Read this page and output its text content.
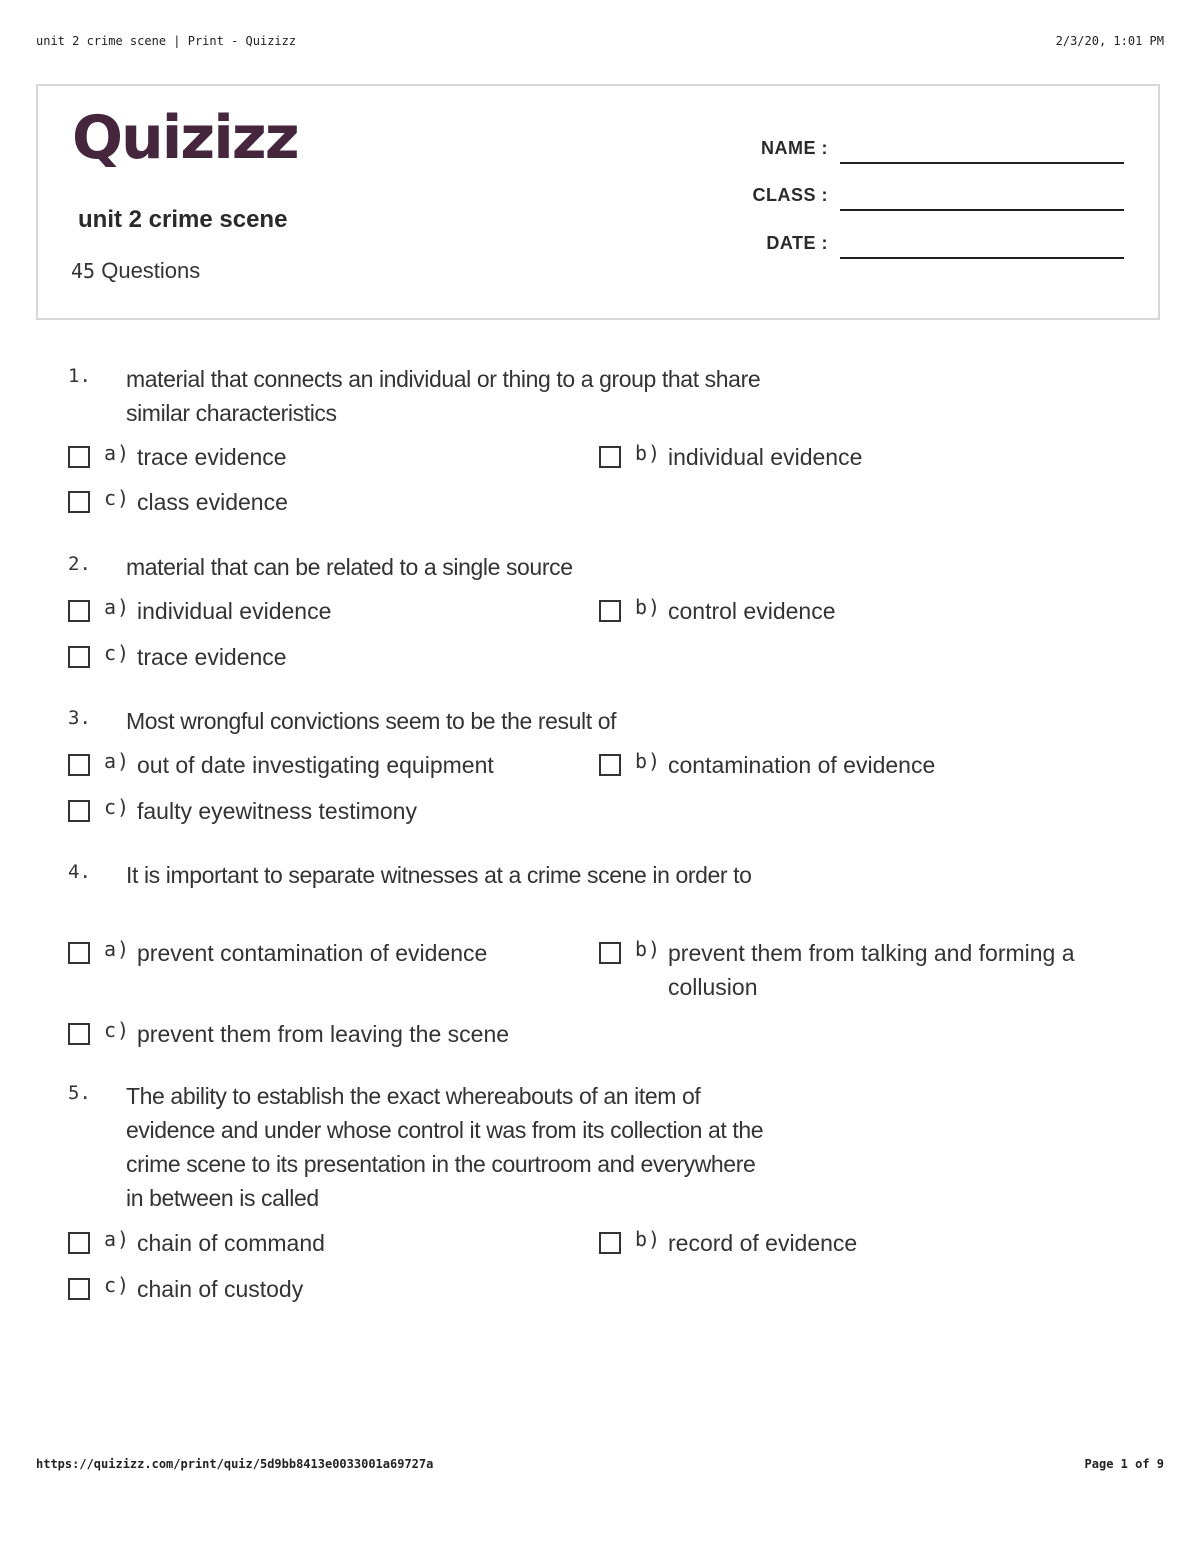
unit 2 crime scene | Print - Quizizz	2/3/20, 1:01 PM
Quizizz
unit 2 crime scene
45 Questions
NAME :
CLASS :
DATE :
1. material that connects an individual or thing to a group that share similar characteristics
a) trace evidence	b) individual evidence
c) class evidence
2. material that can be related to a single source
a) individual evidence	b) control evidence
c) trace evidence
3. Most wrongful convictions seem to be the result of
a) out of date investigating equipment	b) contamination of evidence
c) faulty eyewitness testimony
4. It is important to separate witnesses at a crime scene in order to
a) prevent contamination of evidence	b) prevent them from talking and forming a collusion
c) prevent them from leaving the scene
5. The ability to establish the exact whereabouts of an item of evidence and under whose control it was from its collection at the crime scene to its presentation in the courtroom and everywhere in between is called
a) chain of command	b) record of evidence
c) chain of custody
https://quizizz.com/print/quiz/5d9bb8413e0033001a69727a	Page 1 of 9
